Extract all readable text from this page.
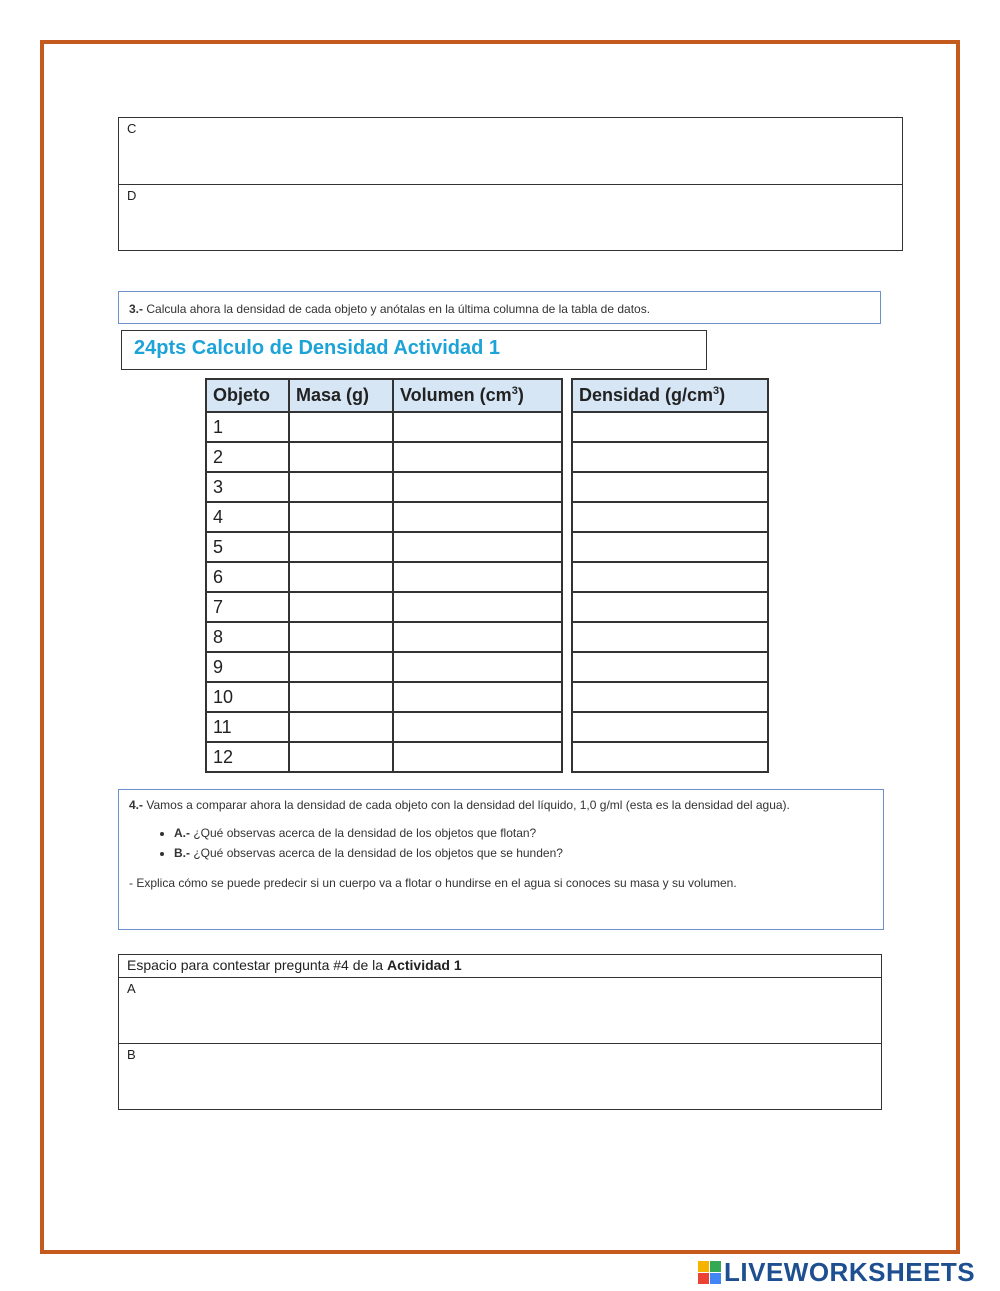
C
D
3.- Calcula ahora la densidad de cada objeto y anótalas en la última columna de la tabla de datos.
24pts Calculo de Densidad Actividad 1
Objeto	Masa (g)	Volumen $(cm^3)$		Densidad $(g/cm^3)$
1				
2				
3				
4				
5				
6				
7				
8				
9				
10				
11				
12				
4.- Vamos a comparar ahora la densidad de cada objeto con la densidad del líquido, 1,0 g/ml (esta es la densidad del agua).
• A.- ¿Qué observas acerca de la densidad de los objetos que flotan?
• B.- ¿Qué observas acerca de la densidad de los objetos que se hunden?
- Explica cómo se puede predecir si un cuerpo va a flotar o hundirse en el agua si conoces su masa y su volumen.
Espacio para contestar pregunta #4 de la Actividad 1
A
B
LIVEWORKSHEETS
